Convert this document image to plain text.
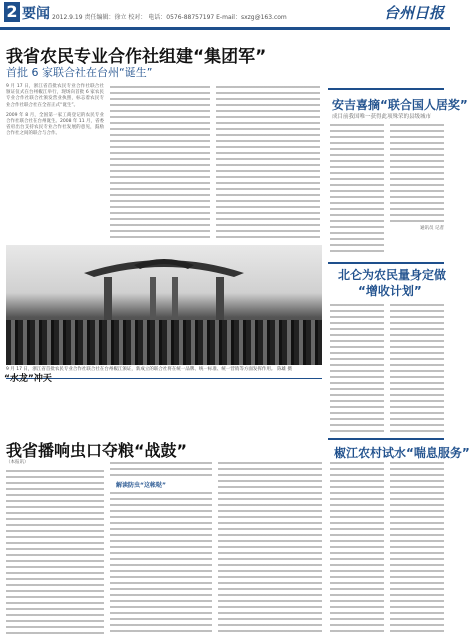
2 要闻 2012.9.19 责任编辑：徐立 校对： 电话：0576-88757197 E-mail：sxzg@163.com	台州日报
我省农民专业合作社组建“集团军”
首批 6 家联合社在台州“诞生”
9 月 17 日，浙江省首批农民专业合作社联合社颁证仪式在台州椒江举行，现场向首批 6 家农民专业合作社联合社颁发营业执照，标志着农民专业合作社联合社在全省正式“诞生”。
2009 年 8 月，全国第一家工商登记的农民专业合作社联合社在台州诞生。2008 年 11 月，省委省府出台支持农民专业合作社发展的意见，鼓励合作社之间的联合与合作。
9 月 17 日，浙江省首批农民专业合作社联合社在台州椒江颁证，新成立的联合社将在统一品牌、统一标准、统一营销等方面发挥作用。 陈雄 摄
安吉喜摘“联合国人居奖”
成目前我国唯一获得此项殊荣的县级城市
通讯员 记者
北仑为农民量身定做
“增收计划”
“水龙”冲天
我省播响虫口夺粮“战鼓”
（本报讯）
解读防虫“这帐哒”
椒江农村试水“喘息服务”
